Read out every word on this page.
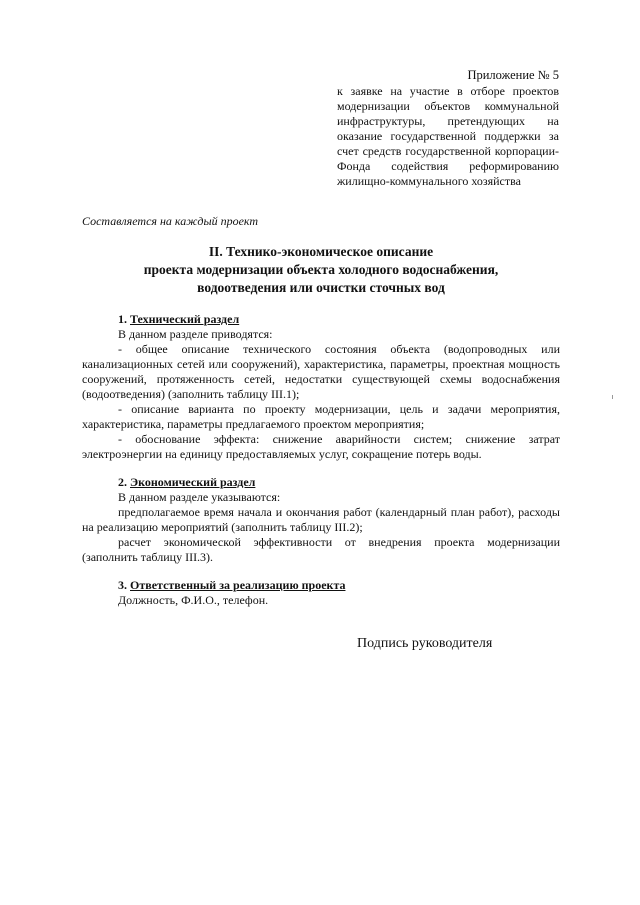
Приложение № 5
к заявке на участие в отборе проектов модернизации объектов коммунальной инфраструктуры, претендующих на оказание государственной поддержки за счет средств государственной корпорации-Фонда содействия реформированию жилищно-коммунального хозяйства
Составляется на каждый проект
II. Технико-экономическое описание
проекта модернизации объекта холодного водоснабжения,
водоотведения или очистки сточных вод
1. Технический раздел
В данном разделе приводятся:
- общее описание технического состояния объекта (водопроводных или канализационных сетей или сооружений), характеристика, параметры, проектная мощность сооружений, протяженность сетей, недостатки существующей схемы водоснабжения (водоотведения) (заполнить таблицу III.1);
- описание варианта по проекту модернизации, цель и задачи мероприятия, характеристика, параметры предлагаемого проектом мероприятия;
- обоснование эффекта: снижение аварийности систем; снижение затрат электроэнергии на единицу предоставляемых услуг, сокращение потерь воды.
2. Экономический раздел
В данном разделе указываются:
предполагаемое время начала и окончания работ (календарный план работ), расходы на реализацию мероприятий (заполнить таблицу III.2);
расчет экономической эффективности от внедрения проекта модернизации (заполнить таблицу III.3).
3. Ответственный за реализацию проекта
Должность, Ф.И.О., телефон.
Подпись руководителя
